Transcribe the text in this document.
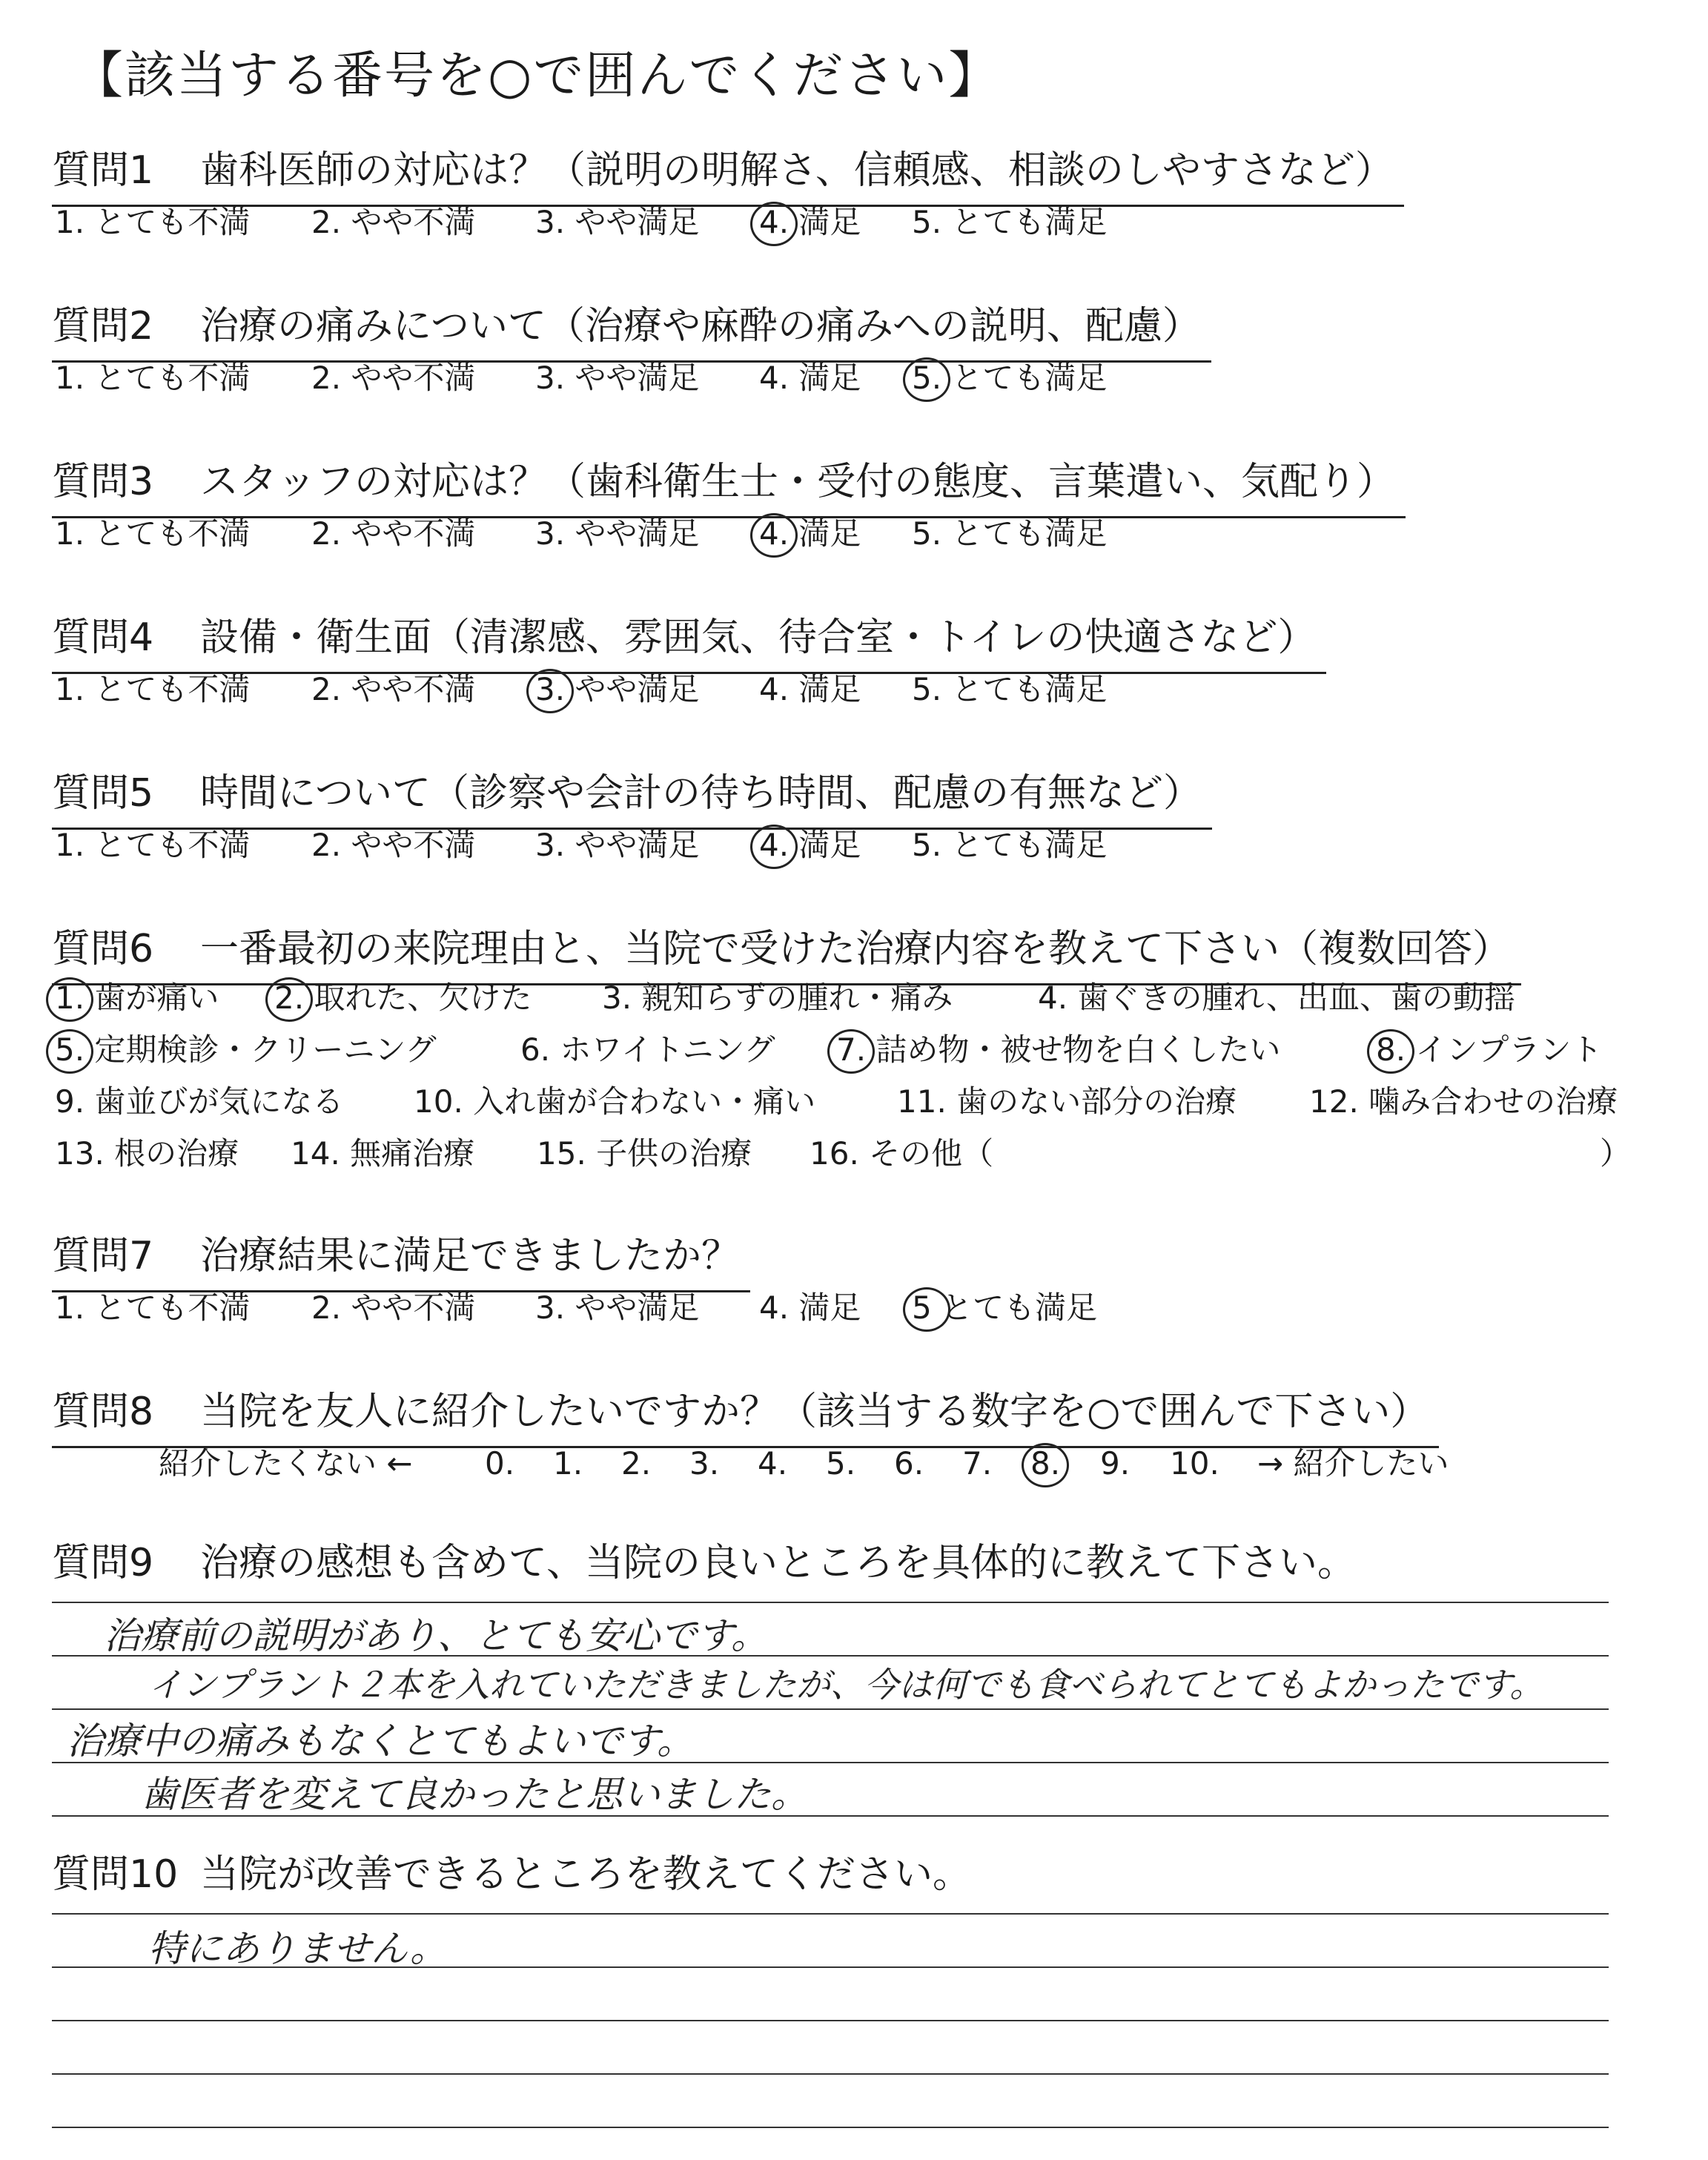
【該当する番号を○で囲んでください】
質問1 歯科医師の対応は？（説明の明解さ、信頼感、相談のしやすさなど）
1. とても不満 2. やや不満 3. やや満足 4. 満足 5. とても満足
質問2 治療の痛みについて（治療や麻酔の痛みへの説明、配慮）
1. とても不満 2. やや不満 3. やや満足 4. 満足 5. とても満足
質問3 スタッフの対応は？（歯科衛生士・受付の態度、言葉遣い、気配り）
1. とても不満 2. やや不満 3. やや満足 4. 満足 5. とても満足
質問4 設備・衛生面（清潔感、雰囲気、待合室・トイレの快適さなど）
1. とても不満 2. やや不満 3. やや満足 4. 満足 5. とても満足
質問5 時間について（診察や会計の待ち時間、配慮の有無など）
1. とても不満 2. やや不満 3. やや満足 4. 満足 5. とても満足
質問6 一番最初の来院理由と、当院で受けた治療内容を教えて下さい（複数回答）
1. 歯が痛い 2. 取れた、欠けた 3. 親知らずの腫れ・痛み	4. 歯ぐきの腫れ、出血、歯の動揺
5. 定期検診・クリーニング	6. ホワイトニング 7. 詰め物・被せ物を白くしたい	8. インプラント
9. 歯並びが気になる 10. 入れ歯が合わない・痛い	11. 歯のない部分の治療 12. 噛み合わせの治療
13. 根の治療 14. 無痛治療 15. 子供の治療 16. その他（	）
質問7 治療結果に満足できましたか？
1. とても不満 2. やや不満 3. やや満足 4. 満足 5 とても満足
質問8 当院を友人に紹介したいですか？（該当する数字を○で囲んで下さい）
紹介したくない ← 0. 1. 2. 3. 4. 5. 6. 7. 8. 9. 10. → 紹介したい
質問9 治療の感想も含めて、当院の良いところを具体的に教えて下さい。
治療前の説明があり、とても安心です。
インプラント２本を入れていただきましたが、今は何でも食べられてとてもよかったです。
治療中の痛みもなくとてもよいです。
歯医者を変えて良かったと思いました。
質問10 当院が改善できるところを教えてください。
特にありません。
